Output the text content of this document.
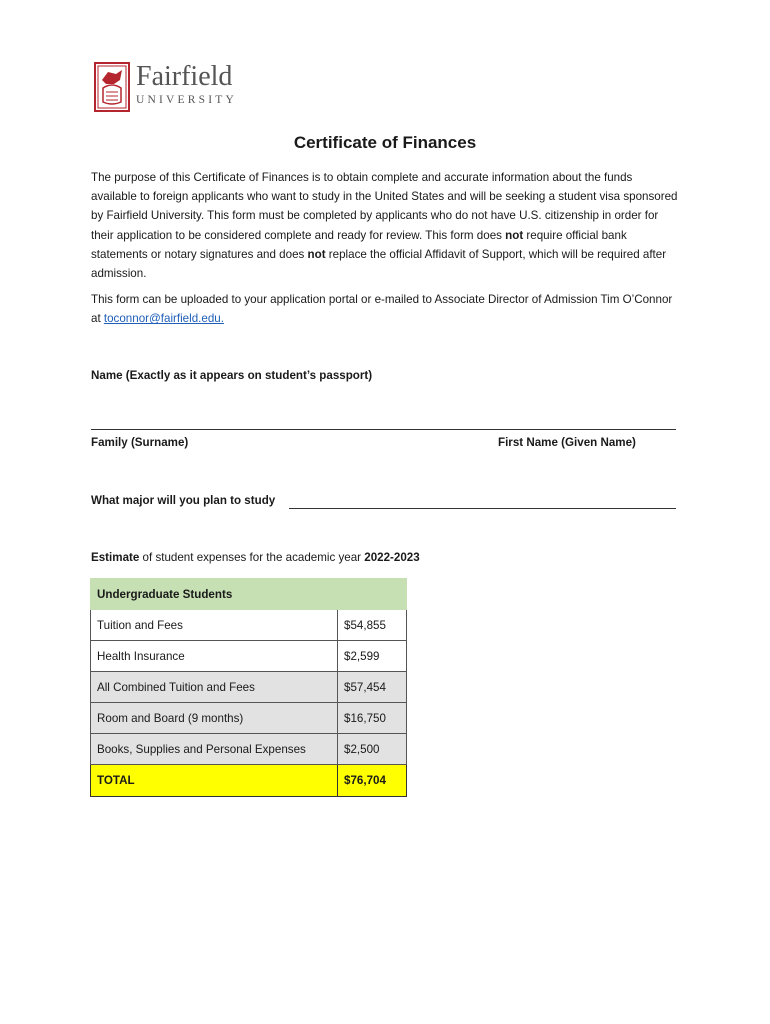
Fairfield
UNIVERSITY
Certificate of Finances
The purpose of this Certificate of Finances is to obtain complete and accurate information about the funds available to foreign applicants who want to study in the United States and will be seeking a student visa sponsored by Fairfield University. This form must be completed by applicants who do not have U.S. citizenship in order for their application to be considered complete and ready for review. This form does not require official bank statements or notary signatures and does not replace the official Affidavit of Support, which will be required after admission.
This form can be uploaded to your application portal or e-mailed to Associate Director of Admission Tim O’Connor at toconnor@fairfield.edu.
Name (Exactly as it appears on student’s passport)
Family (Surname)	First Name (Given Name)
What major will you plan to study
Estimate of student expenses for the academic year 2022-2023
Undergraduate Students	
Tuition and Fees	$54,855
Health Insurance	$2,599
All Combined Tuition and Fees	$57,454
Room and Board (9 months)	$16,750
Books, Supplies and Personal Expenses	$2,500
TOTAL	$76,704
